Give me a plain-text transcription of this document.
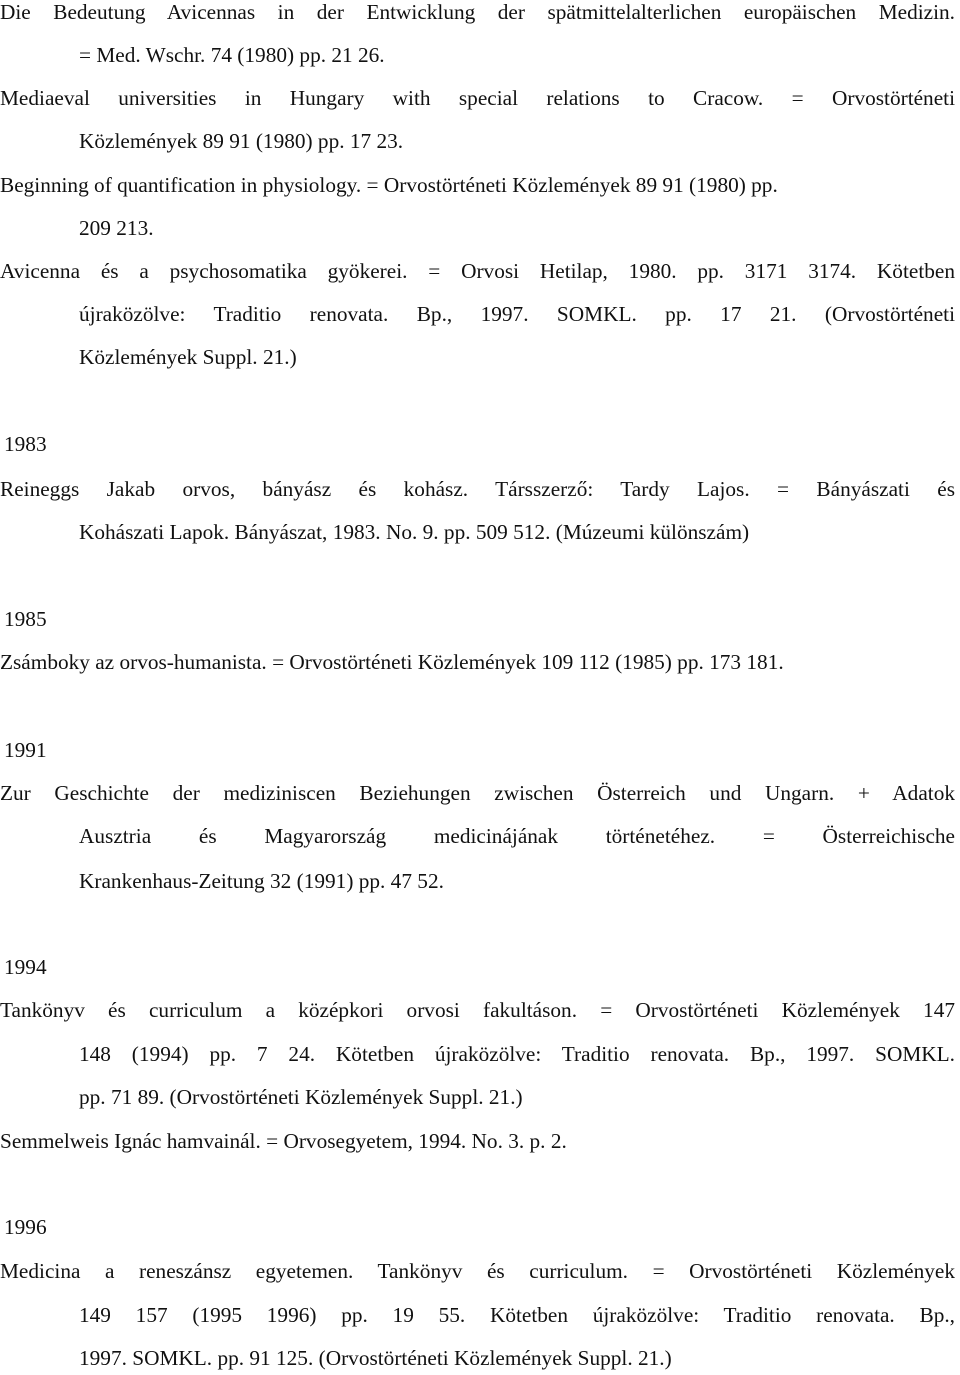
Die Bedeutung Avicennas in der Entwicklung der spätmittelalterlichen europäischen Medizin.
= Med. Wschr. 74 (1980) pp. 21 26.
Mediaeval universities in Hungary with special relations to Cracow. = Orvostörténeti
Közlemények 89 91 (1980) pp. 17 23.
Beginning of quantification in physiology. = Orvostörténeti Közlemények 89 91 (1980) pp.
209 213.
Avicenna és a psychosomatika gyökerei. = Orvosi Hetilap, 1980. pp. 3171 3174. Kötetben
újraközölve: Traditio renovata. Bp., 1997. SOMKL. pp. 17 21. (Orvostörténeti
Közlemények Suppl. 21.)
1983
Reineggs Jakab orvos, bányász és kohász. Társszerző: Tardy Lajos. = Bányászati és
Kohászati Lapok. Bányászat, 1983. No. 9. pp. 509 512. (Múzeumi különszám)
1985
Zsámboky az orvos-humanista. = Orvostörténeti Közlemények 109 112 (1985) pp. 173 181.
1991
Zur Geschichte der mediziniscen Beziehungen zwischen Österreich und Ungarn. + Adatok
Ausztria és Magyarország medicinájának történetéhez. = Österreichische
Krankenhaus-Zeitung 32 (1991) pp. 47 52.
1994
Tankönyv és curriculum a középkori orvosi fakultáson. = Orvostörténeti Közlemények 147
148 (1994) pp. 7 24. Kötetben újraközölve: Traditio renovata. Bp., 1997. SOMKL.
pp. 71 89. (Orvostörténeti Közlemények Suppl. 21.)
Semmelweis Ignác hamvainál. = Orvosegyetem, 1994. No. 3. p. 2.
1996
Medicina a reneszánsz egyetemen. Tankönyv és curriculum. = Orvostörténeti Közlemények
149 157 (1995 1996) pp. 19 55. Kötetben újraközölve: Traditio renovata. Bp.,
1997. SOMKL. pp. 91 125. (Orvostörténeti Közlemények Suppl. 21.)
